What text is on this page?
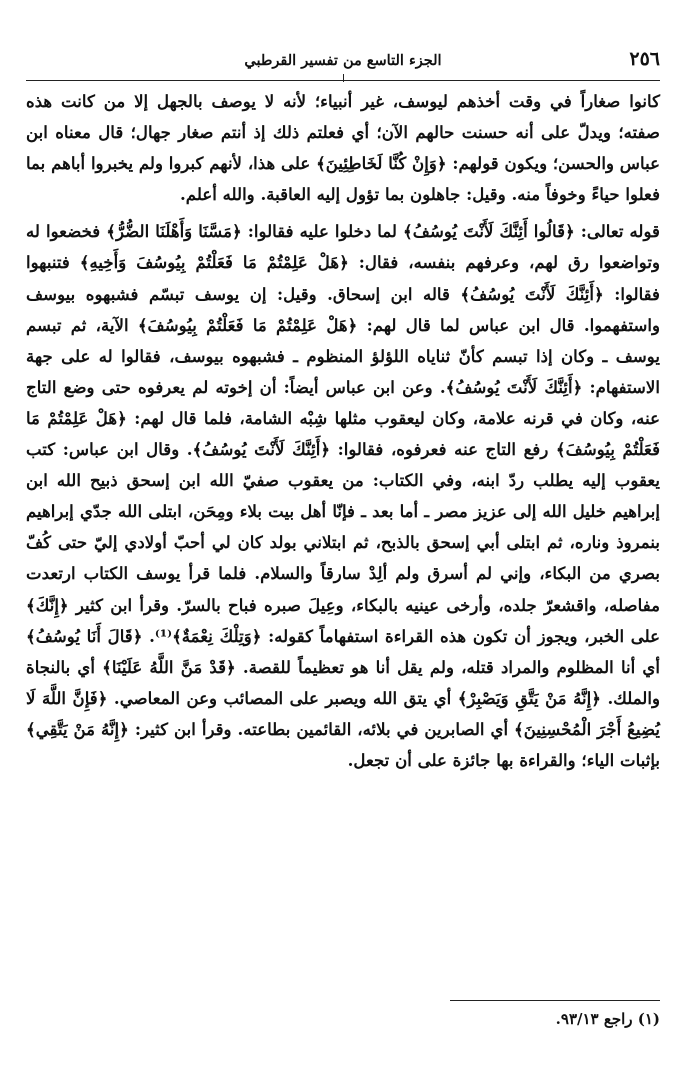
٢٥٦
الجزء التاسع من تفسير القرطبي

كانوا صغاراً في وقت أخذهم ليوسف، غير أنبياء؛ لأنه لا يوصف بالجهل إلا من كانت هذه صفته؛ ويدلّ على أنه حسنت حالهم الآن؛ أي فعلتم ذلك إذ أنتم صغار جهال؛ قال معناه ابن عباس والحسن؛ ويكون قولهم: ﴿وَإِنْ كُنَّا لَخَاطِئِينَ﴾ على هذا، لأنهم كبروا ولم يخبروا أباهم بما فعلوا حياءً وخوفاً منه. وقيل: جاهلون بما تؤول إليه العاقبة. والله أعلم.

قوله تعالى: ﴿قَالُوا أَئِنَّكَ لَأَنْتَ يُوسُفُ﴾ لما دخلوا عليه فقالوا: ﴿مَسَّنَا وَأَهْلَنَا الضُّرُّ﴾ فخضعوا له وتواضعوا رق لهم، وعرفهم بنفسه، فقال: ﴿هَلْ عَلِمْتُمْ مَا فَعَلْتُمْ بِيُوسُفَ وَأَخِيهِ﴾ فتنبهوا فقالوا: ﴿أَئِنَّكَ لَأَنْتَ يُوسُفُ﴾ قاله ابن إسحاق. وقيل: إن يوسف تبسّم فشبهوه بيوسف واستفهموا. قال ابن عباس لما قال لهم: ﴿هَلْ عَلِمْتُمْ مَا فَعَلْتُمْ بِيُوسُفَ﴾ الآية، ثم تبسم يوسف ـ وكان إذا تبسم كأنّ ثناياه اللؤلؤ المنظوم ـ فشبهوه بيوسف، فقالوا له على جهة الاستفهام: ﴿أَئِنَّكَ لَأَنْتَ يُوسُفُ﴾. وعن ابن عباس أيضاً: أن إخوته لم يعرفوه حتى وضع التاج عنه، وكان في قرنه علامة، وكان ليعقوب مثلها شِبْه الشامة، فلما قال لهم: ﴿هَلْ عَلِمْتُمْ مَا فَعَلْتُمْ بِيُوسُفَ﴾ رفع التاج عنه فعرفوه، فقالوا: ﴿أَئِنَّكَ لَأَنْتَ يُوسُفُ﴾. وقال ابن عباس: كتب يعقوب إليه يطلب ردّ ابنه، وفي الكتاب: من يعقوب صفيّ الله ابن إسحق ذبيح الله ابن إبراهيم خليل الله إلى عزيز مصر ـ أما بعد ـ فإنّا أهل بيت بلاء ومِحَن، ابتلى الله جدّي إبراهيم بنمروذ وناره، ثم ابتلى أبي إسحق بالذبح، ثم ابتلاني بولد كان لي أحبّ أولادي إليّ حتى كُفّ بصري من البكاء، وإني لم أسرق ولم ألِدْ سارقاً والسلام. فلما قرأ يوسف الكتاب ارتعدت مفاصله، واقشعرّ جلده، وأرخى عينيه بالبكاء، وعِيلَ صبره فباح بالسرّ. وقرأ ابن كثير ﴿إِنَّكَ﴾ على الخبر، ويجوز أن تكون هذه القراءة استفهاماً كقوله: ﴿وَتِلْكَ نِعْمَةٌ﴾⁽¹⁾. ﴿قَالَ أَنَا يُوسُفُ﴾ أي أنا المظلوم والمراد قتله، ولم يقل أنا هو تعظيماً للقصة. ﴿قَدْ مَنَّ اللَّهُ عَلَيْنَا﴾ أي بالنجاة والملك. ﴿إِنَّهُ مَنْ يَتَّقِ وَيَصْبِرْ﴾ أي يتق الله ويصبر على المصائب وعن المعاصي. ﴿فَإِنَّ اللَّهَ لَا يُضِيعُ أَجْرَ الْمُحْسِنِينَ﴾ أي الصابرين في بلائه، القائمين بطاعته. وقرأ ابن كثير: ﴿إِنَّهُ مَنْ يَتَّقِي﴾ بإثبات الياء؛ والقراءة بها جائزة على أن تجعل.

(١) راجع ٩٣/١٣.
